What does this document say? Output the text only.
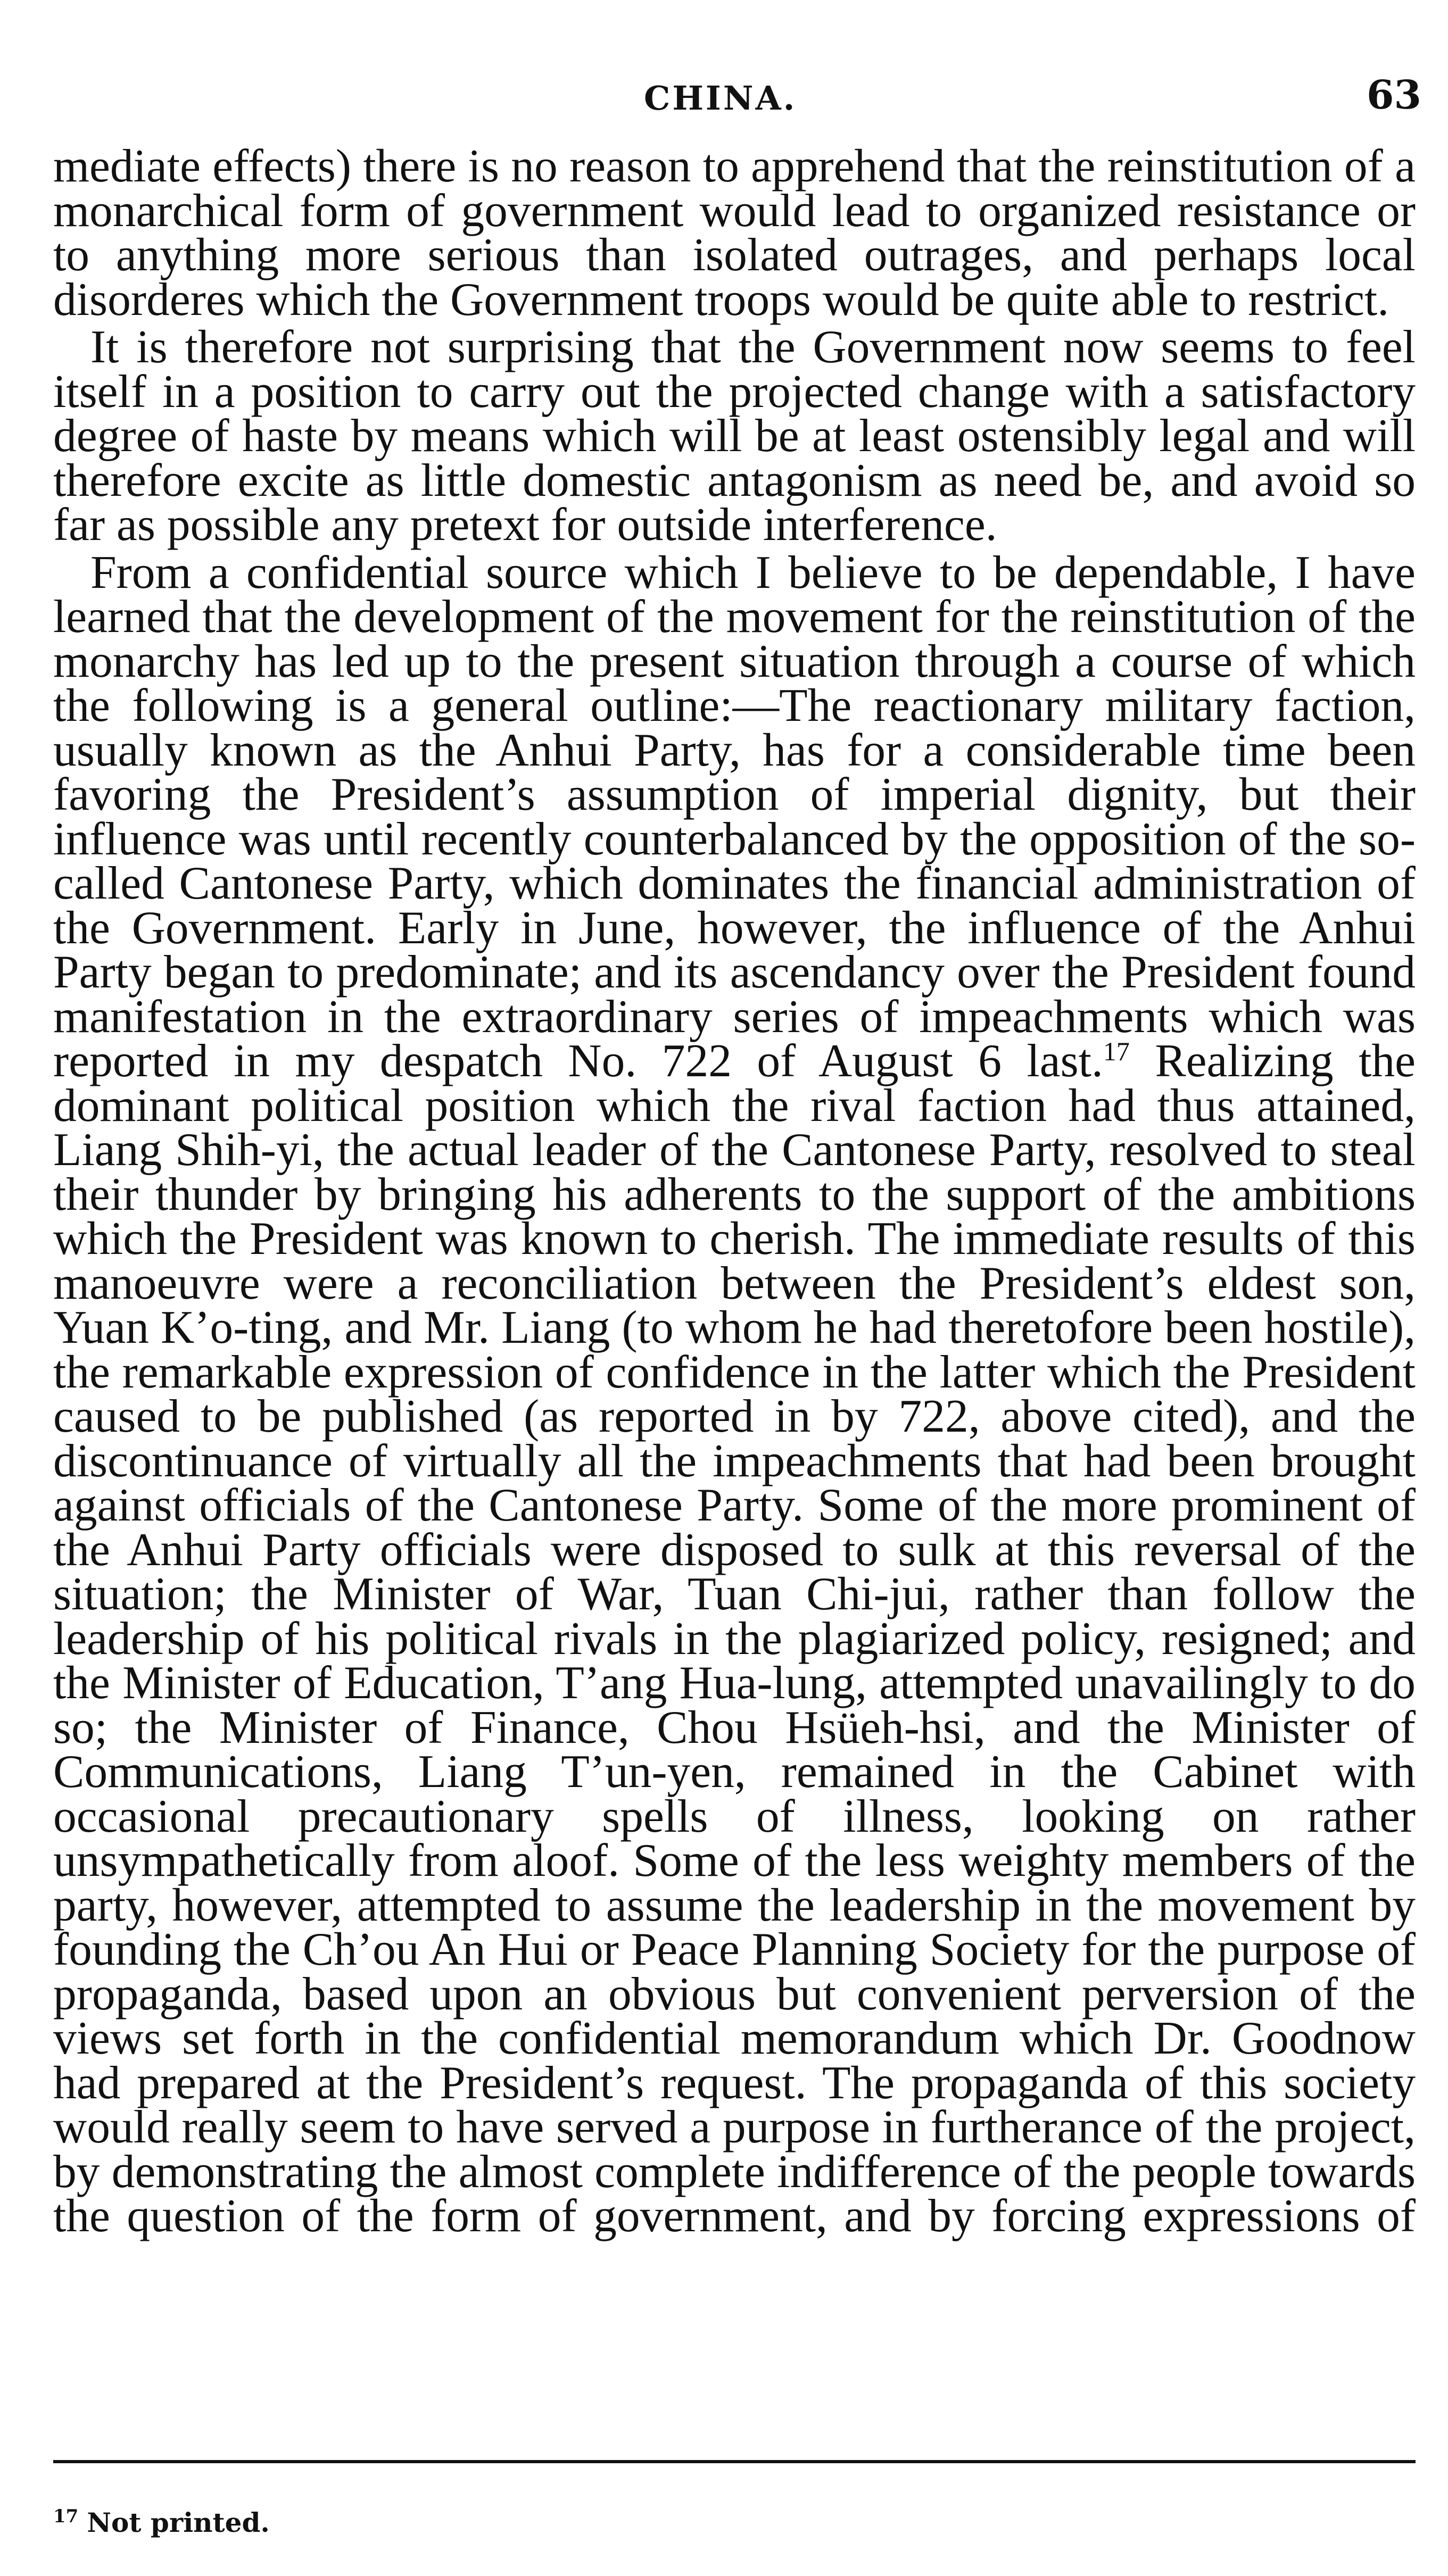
CHINA.	63

mediate effects) there is no reason to apprehend that the reinstitution of a monarchical form of government would lead to organized resistance or to anything more serious than isolated outrages, and perhaps local disorderes which the Government troops would be quite able to restrict.

It is therefore not surprising that the Government now seems to feel itself in a position to carry out the projected change with a satisfactory degree of haste by means which will be at least ostensibly legal and will therefore excite as little domestic antagonism as need be, and avoid so far as possible any pretext for outside interference.

From a confidential source which I believe to be dependable, I have learned that the development of the movement for the reinstitution of the monarchy has led up to the present situation through a course of which the following is a general outline:—The reactionary military faction, usually known as the Anhui Party, has for a considerable time been favoring the President’s assumption of imperial dignity, but their influence was until recently counterbalanced by the opposition of the so-called Cantonese Party, which dominates the financial administration of the Government. Early in June, however, the influence of the Anhui Party began to predominate; and its ascendancy over the President found manifestation in the extraordinary series of impeachments which was reported in my despatch No. 722 of August 6 last.$^{17}$ Realizing the dominant political position which the rival faction had thus attained, Liang Shih-yi, the actual leader of the Cantonese Party, resolved to steal their thunder by bringing his adherents to the support of the ambitions which the President was known to cherish. The immediate results of this manoeuvre were a reconciliation between the President’s eldest son, Yuan K’o-ting, and Mr. Liang (to whom he had theretofore been hostile), the remarkable expression of confidence in the latter which the President caused to be published (as reported in by 722, above cited), and the discontinuance of virtually all the impeachments that had been brought against officials of the Cantonese Party. Some of the more prominent of the Anhui Party officials were disposed to sulk at this reversal of the situation; the Minister of War, Tuan Chi-jui, rather than follow the leadership of his political rivals in the plagiarized policy, resigned; and the Minister of Education, T’ang Hua-lung, attempted unavailingly to do so; the Minister of Finance, Chou Hsüeh-hsi, and the Minister of Communications, Liang T’un-yen, remained in the Cabinet with occasional precautionary spells of illness, looking on rather unsympathetically from aloof. Some of the less weighty members of the party, however, attempted to assume the leadership in the movement by founding the Ch’ou An Hui or Peace Planning Society for the purpose of propaganda, based upon an obvious but convenient perversion of the views set forth in the confidential memorandum which Dr. Goodnow had prepared at the President’s request. The propaganda of this society would really seem to have served a purpose in furtherance of the project, by demonstrating the almost complete indifference of the people towards the question of the form of government, and by forcing expressions of

$^{17}$ Not printed.
